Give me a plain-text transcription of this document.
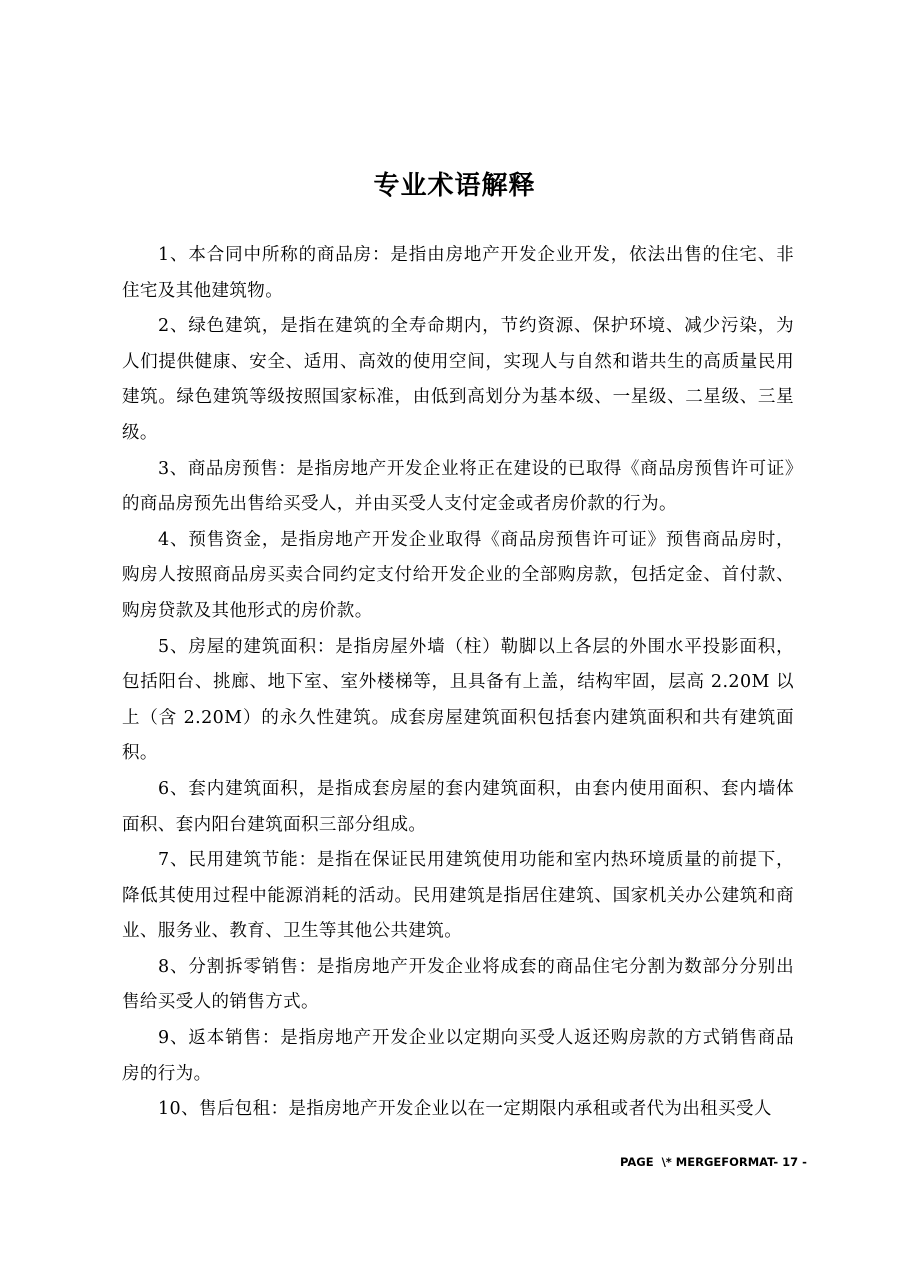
专业术语解释

1、本合同中所称的商品房：是指由房地产开发企业开发，依法出售的住宅、非住宅及其他建筑物。

2、绿色建筑，是指在建筑的全寿命期内，节约资源、保护环境、减少污染，为人们提供健康、安全、适用、高效的使用空间，实现人与自然和谐共生的高质量民用建筑。绿色建筑等级按照国家标准，由低到高划分为基本级、一星级、二星级、三星级。

3、商品房预售：是指房地产开发企业将正在建设的已取得《商品房预售许可证》的商品房预先出售给买受人，并由买受人支付定金或者房价款的行为。

4、预售资金，是指房地产开发企业取得《商品房预售许可证》预售商品房时，购房人按照商品房买卖合同约定支付给开发企业的全部购房款，包括定金、首付款、购房贷款及其他形式的房价款。

5、房屋的建筑面积：是指房屋外墙（柱）勒脚以上各层的外围水平投影面积，包括阳台、挑廊、地下室、室外楼梯等，且具备有上盖，结构牢固，层高 2.20M 以上（含 2.20M）的永久性建筑。成套房屋建筑面积包括套内建筑面积和共有建筑面积。

6、套内建筑面积，是指成套房屋的套内建筑面积，由套内使用面积、套内墙体面积、套内阳台建筑面积三部分组成。

7、民用建筑节能：是指在保证民用建筑使用功能和室内热环境质量的前提下，降低其使用过程中能源消耗的活动。民用建筑是指居住建筑、国家机关办公建筑和商业、服务业、教育、卫生等其他公共建筑。

8、分割拆零销售：是指房地产开发企业将成套的商品住宅分割为数部分分别出售给买受人的销售方式。

9、返本销售：是指房地产开发企业以定期向买受人返还购房款的方式销售商品房的行为。

10、售后包租：是指房地产开发企业以在一定期限内承租或者代为出租买受人

PAGE  \* MERGEFORMAT- 17 -
